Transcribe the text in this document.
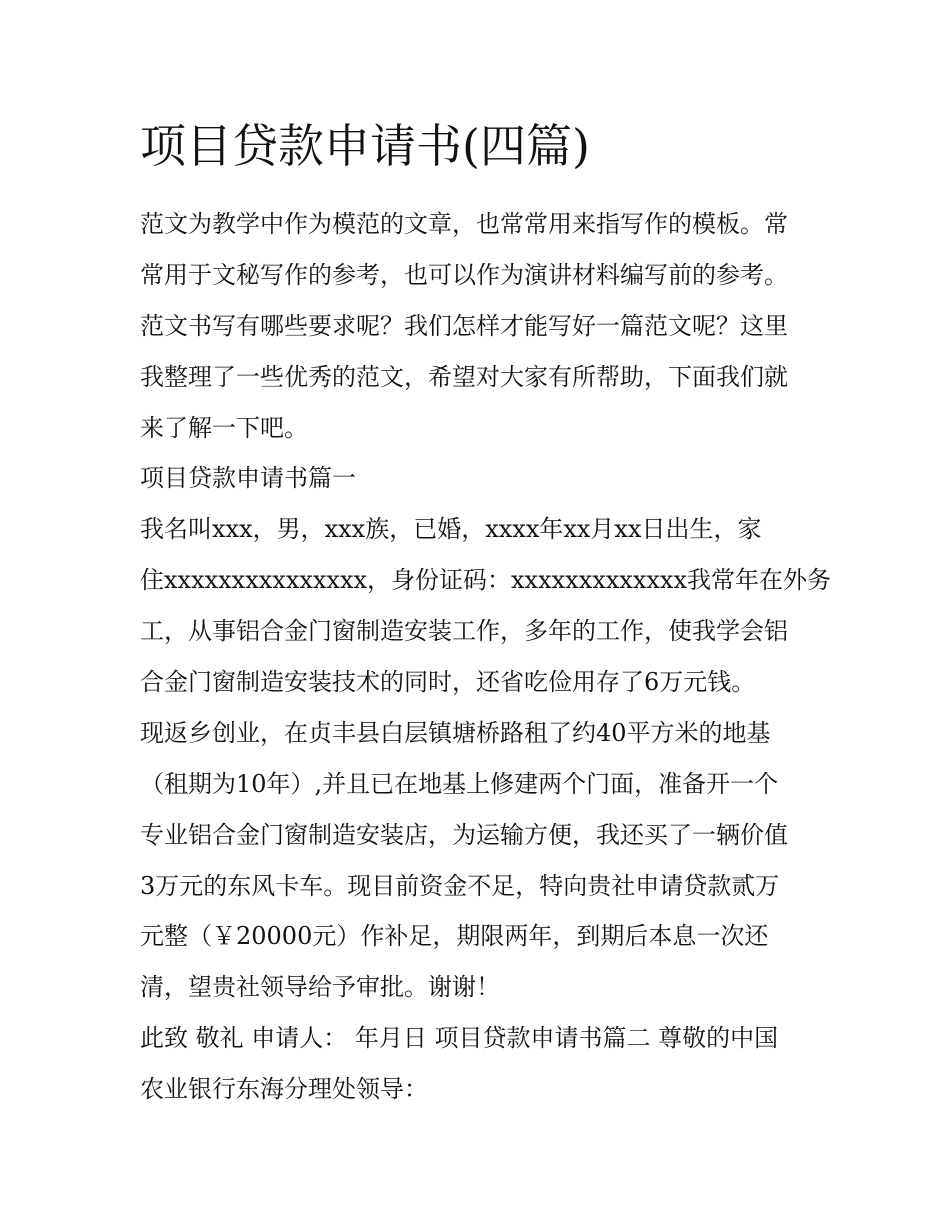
项目贷款申请书(四篇)
范文为教学中作为模范的文章，也常常用来指写作的模板。常
常用于文秘写作的参考，也可以作为演讲材料编写前的参考。
范文书写有哪些要求呢？我们怎样才能写好一篇范文呢？这里
我整理了一些优秀的范文，希望对大家有所帮助，下面我们就
来了解一下吧。
项目贷款申请书篇一
我名叫xxx，男，xxx族，已婚，xxxx年xx月xx日出生，家
住xxxxxxxxxxxxxxx，身份证码：xxxxxxxxxxxxx我常年在外务
工，从事铝合金门窗制造安装工作，多年的工作，使我学会铝
合金门窗制造安装技术的同时，还省吃俭用存了6万元钱。
现返乡创业，在贞丰县白层镇塘桥路租了约40平方米的地基
（租期为10年）,并且已在地基上修建两个门面，准备开一个
专业铝合金门窗制造安装店，为运输方便，我还买了一辆价值
3万元的东风卡车。现目前资金不足，特向贵社申请贷款贰万
元整（￥20000元）作补足，期限两年，到期后本息一次还
清，望贵社领导给予审批。谢谢！
此致 敬礼 申请人： 年月日 项目贷款申请书篇二 尊敬的中国
农业银行东海分理处领导：
